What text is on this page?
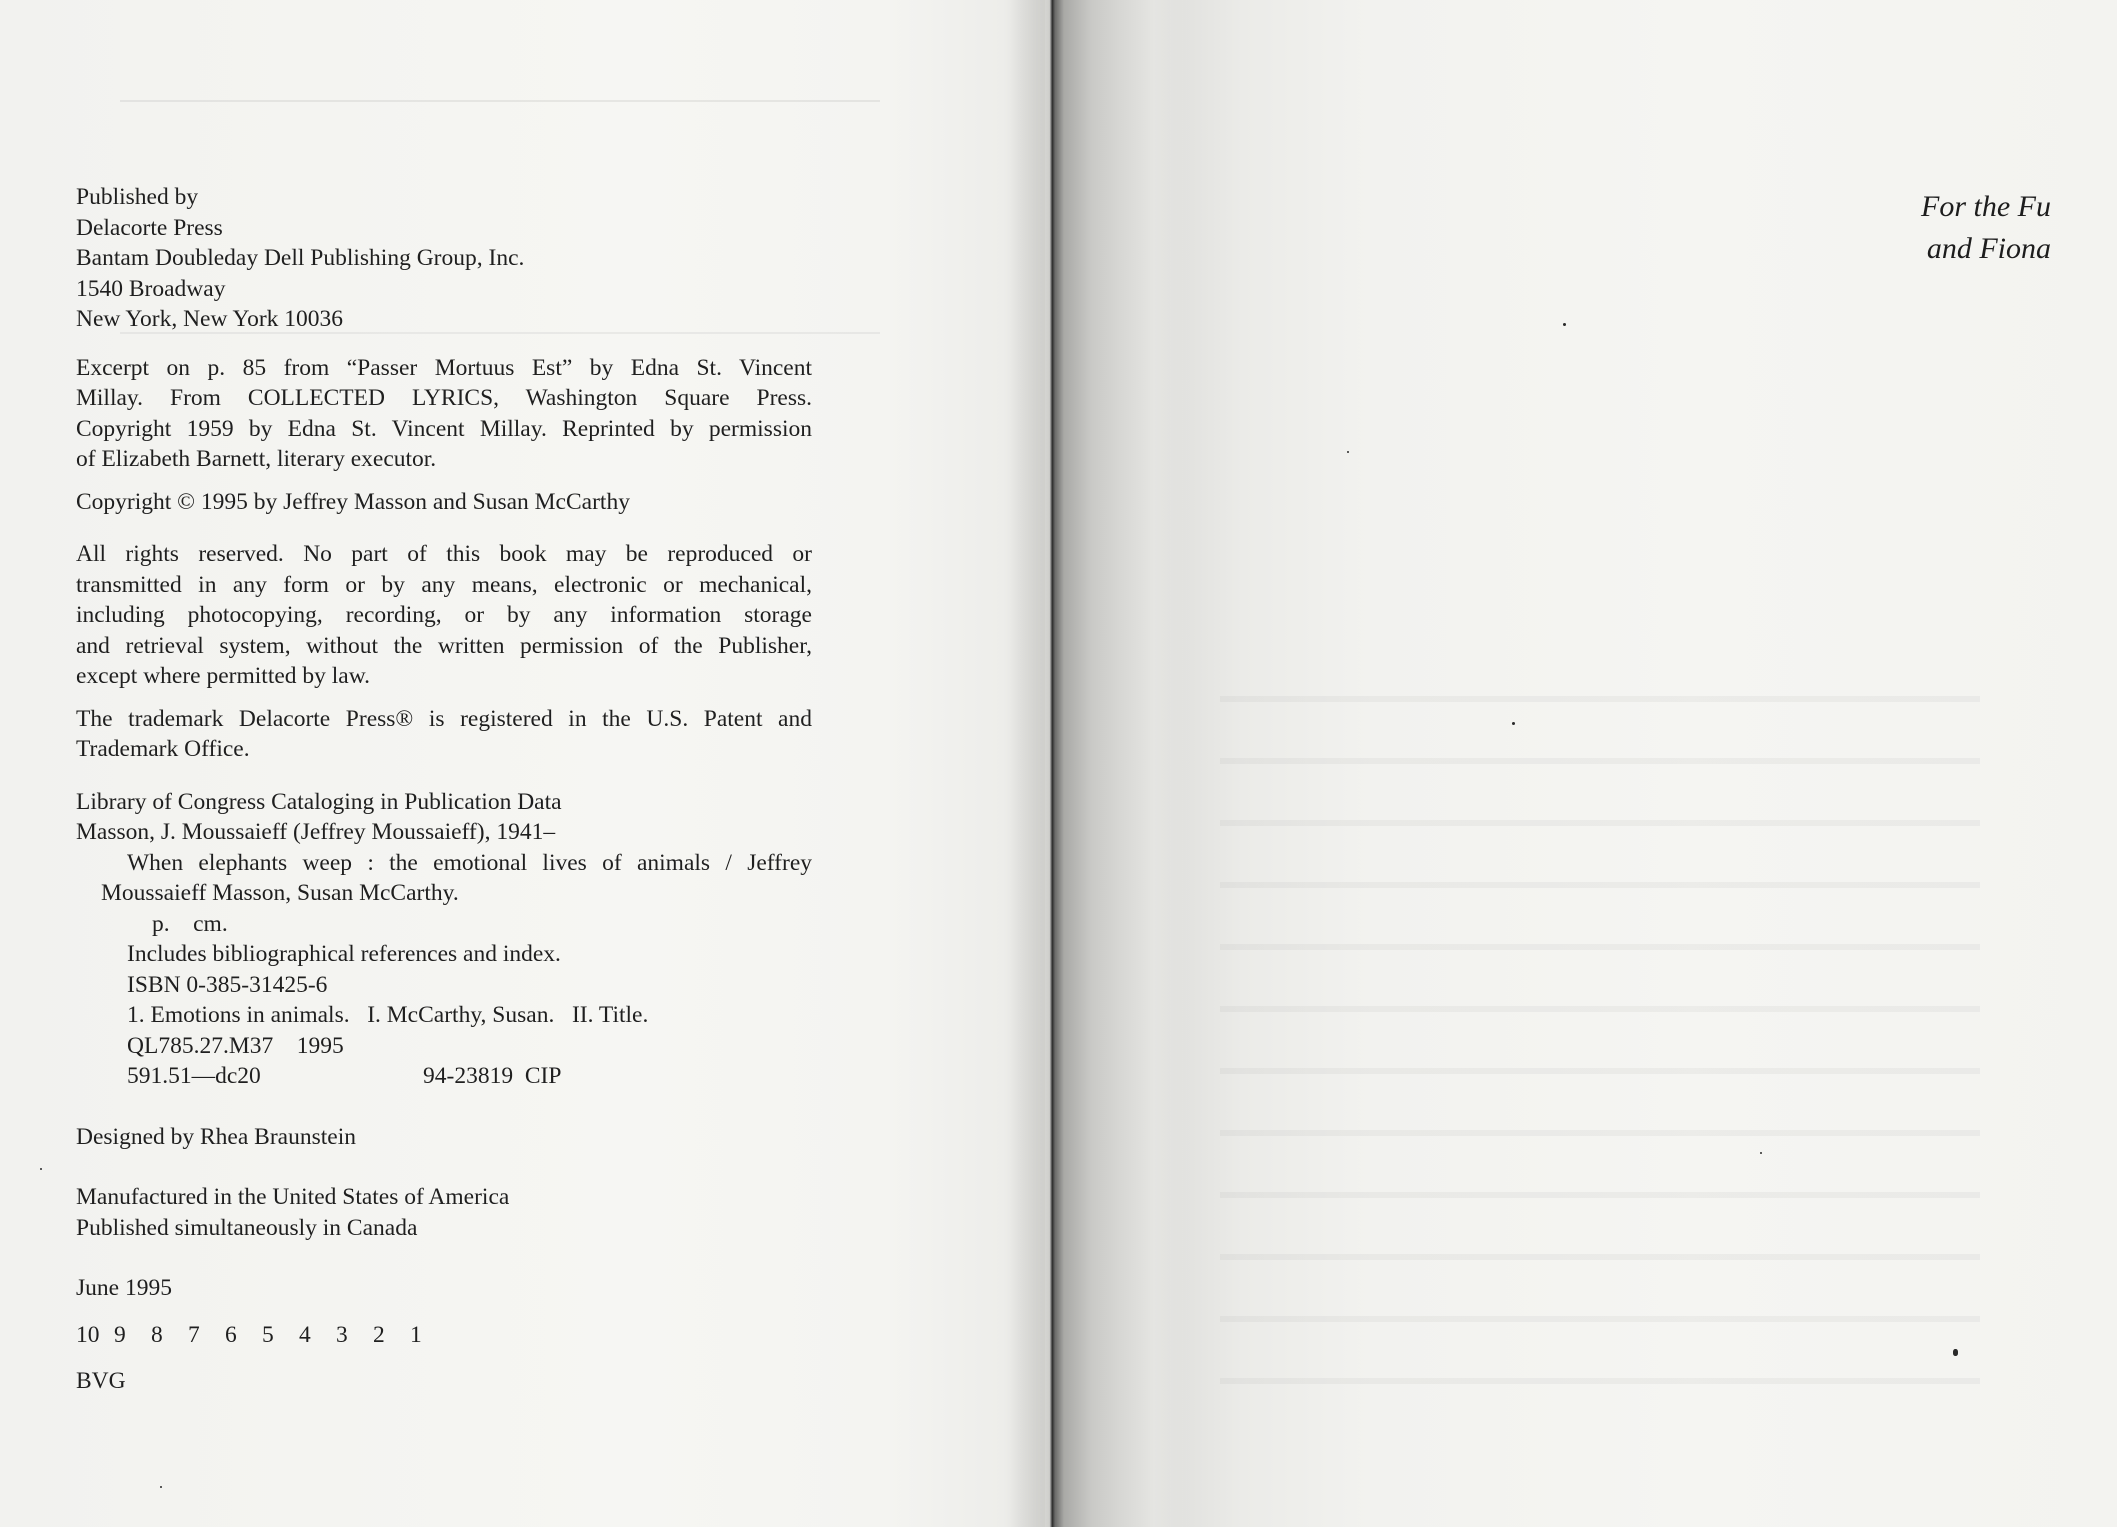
Published by
Delacorte Press
Bantam Doubleday Dell Publishing Group, Inc.
1540 Broadway
New York, New York 10036
Excerpt on p. 85 from “Passer Mortuus Est” by Edna St. Vincent
Millay. From COLLECTED LYRICS, Washington Square Press.
Copyright 1959 by Edna St. Vincent Millay. Reprinted by permission
of Elizabeth Barnett, literary executor.
Copyright © 1995 by Jeffrey Masson and Susan McCarthy
All rights reserved. No part of this book may be reproduced or
transmitted in any form or by any means, electronic or mechanical,
including photocopying, recording, or by any information storage
and retrieval system, without the written permission of the Publisher,
except where permitted by law.
The trademark Delacorte Press® is registered in the U.S. Patent and
Trademark Office.
Library of Congress Cataloging in Publication Data
Masson, J. Moussaieff (Jeffrey Moussaieff), 1941–
When elephants weep : the emotional lives of animals / Jeffrey
Moussaieff Masson, Susan McCarthy.
p.    cm.
Includes bibliographical references and index.
ISBN 0-385-31425-6
1. Emotions in animals.   I. McCarthy, Susan.   II. Title.
QL785.27.M37    1995
591.51—dc20	94-23819  CIP
Designed by Rhea Braunstein
Manufactured in the United States of America
Published simultaneously in Canada
June 1995
10 9	8	7	6	5	4	3	2	1
BVG
For the Fu
and Fiona
